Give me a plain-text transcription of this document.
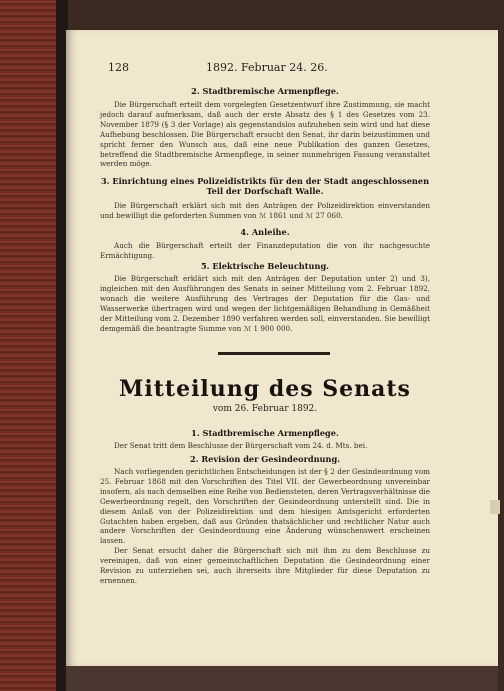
128	1892. Februar 24. 26.
2. Stadtbremische Armenpflege.

Die Bürgerschaft erteilt dem vorgelegten Gesetzentwurf ihre Zustimmung, sie macht jedoch darauf aufmerksam, daß auch der erste Absatz des § 1 des Gesetzes vom 23. November 1879 (§ 3 der Vorlage) als gegenstandslos aufzuheben sein wird und hat diese Aufhebung beschlossen. Die Bürgerschaft ersucht den Senat, ihr darin beizustimmen und spricht ferner den Wunsch aus, daß eine neue Publikation des ganzen Gesetzes, betreffend die Stadtbremische Armenpflege, in seiner nunmehrigen Fassung veranstaltet werden möge.

3. Einrichtung eines Polizeidistrikts für den der Stadt angeschlossenen Teil der Dorfschaft Walle.

Die Bürgerschaft erklärt sich mit den Anträgen der Polizeidirektion einverstanden und bewilligt die geforderten Summen von ℳ 1861 und ℳ 27 060.

4. Anleihe.

Auch die Bürgerschaft erteilt der Finanzdeputation die von ihr nachgesuchte Ermächtigung.

5. Elektrische Beleuchtung.

Die Bürgerschaft erklärt sich mit den Anträgen der Deputation unter 2) und 3), ingleichen mit den Ausführungen des Senats in seiner Mitteilung vom 2. Februar 1892, wonach die weitere Ausführung des Vertrages der Deputation für die Gas- und Wasserwerke übertragen wird und wegen der lichtgemäßigen Behandlung in Gemäßheit der Mitteilung vom 2. Dezember 1890 verfahren werden soll, einverstanden. Sie bewilligt demgemäß die beantragte Summe von ℳ 1 900 000.

Mitteilung des Senats
vom 26. Februar 1892.
1. Stadtbremische Armenpflege.

Der Senat tritt dem Beschlusse der Bürgerschaft vom 24. d. Mts. bei.

2. Revision der Gesindeordnung.

Nach vorliegenden gerichtlichen Entscheidungen ist der § 2 der Gesindeordnung vom 25. Februar 1868 mit den Vorschriften des Titel VII. der Gewerbeordnung unvereinbar insofern, als nach demselben eine Reihe von Bediensteten, deren Vertragsverhältnisse die Gewerbeordnung regelt, den Vorschriften der Gesindeordnung unterstellt sind. Die in diesem Anlaß von der Polizeidirektion und dem hiesigen Amtsgericht erforderten Gutachten haben ergeben, daß aus Gründen thatsächlicher und rechtlicher Natur auch andere Vorschriften der Gesindeordnung eine Änderung wünschenswert erscheinen lassen.

Der Senat ersucht daher die Bürgerschaft sich mit ihm zu dem Beschlusse zu vereinigen, daß von einer gemeinschaftlichen Deputation die Gesindeordnung einer Revision zu unterziehen sei, auch ihrerseits ihre Mitglieder für diese Deputation zu ernennen.
